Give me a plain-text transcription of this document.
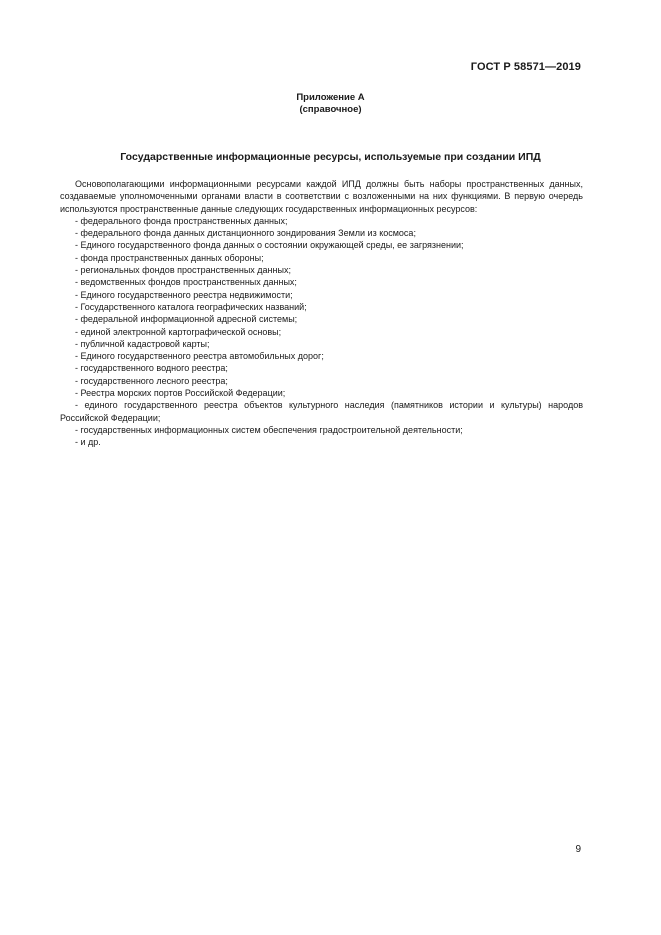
ГОСТ Р 58571—2019
Приложение А
(справочное)
Государственные информационные ресурсы, используемые при создании ИПД

Основополагающими информационными ресурсами каждой ИПД должны быть наборы пространственных данных, создаваемые уполномоченными органами власти в соответствии с возложенными на них функциями. В первую очередь используются пространственные данные следующих государственных информационных ресурсов:

- федерального фонда пространственных данных;
- федерального фонда данных дистанционного зондирования Земли из космоса;
- Единого государственного фонда данных о состоянии окружающей среды, ее загрязнении;
- фонда пространственных данных обороны;
- региональных фондов пространственных данных;
- ведомственных фондов пространственных данных;
- Единого государственного реестра недвижимости;
- Государственного каталога географических названий;
- федеральной информационной адресной системы;
- единой электронной картографической основы;
- публичной кадастровой карты;
- Единого государственного реестра автомобильных дорог;
- государственного водного реестра;
- государственного лесного реестра;
- Реестра морских портов Российской Федерации;
- единого государственного реестра объектов культурного наследия (памятников истории и культуры) народов Российской Федерации;
- государственных информационных систем обеспечения градостроительной деятельности;
- и др.
9
